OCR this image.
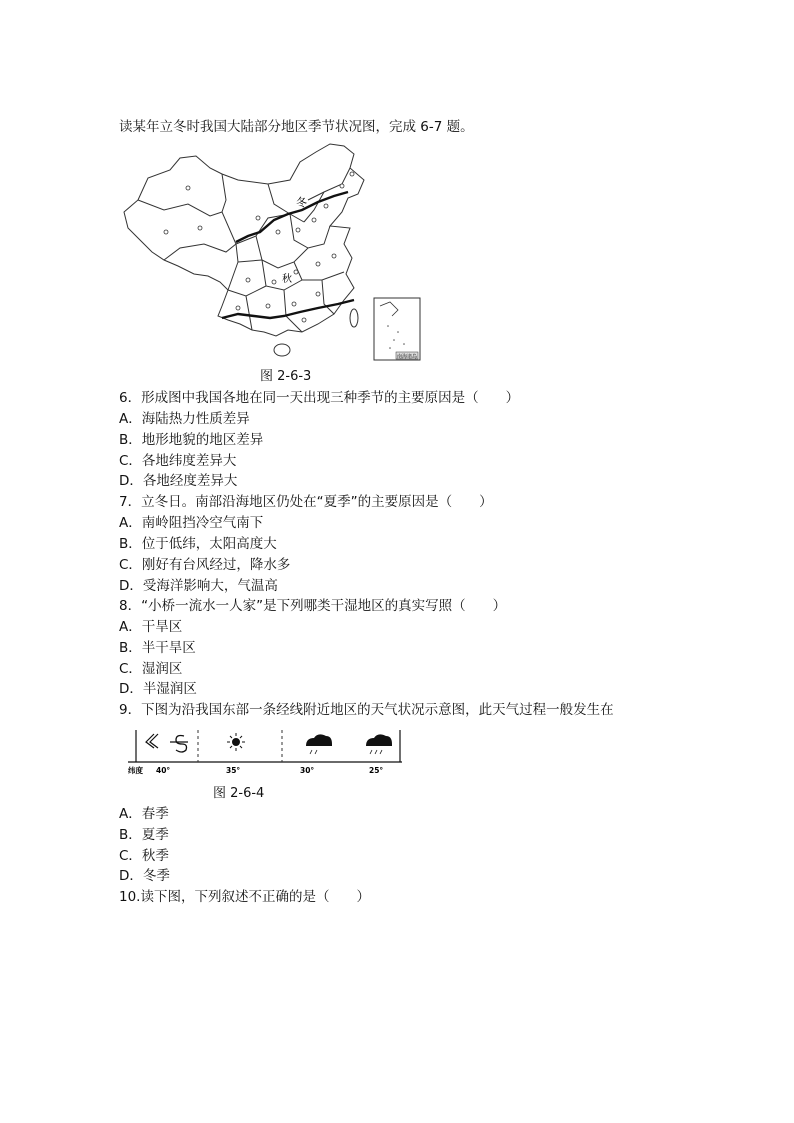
读某年立冬时我国大陆部分地区季节状况图，完成 6-7 题。
南海诸岛
冬
秋
图 2-6-3
6．形成图中我国各地在同一天出现三种季节的主要原因是（　　）
A．海陆热力性质差异
B．地形地貌的地区差异
C．各地纬度差异大
D．各地经度差异大
7．立冬日。南部沿海地区仍处在“夏季”的主要原因是（　　）
A．南岭阻挡冷空气南下
B．位于低纬，太阳高度大
C．刚好有台风经过，降水多
D．受海洋影响大，气温高
8．“小桥一流水一人家”是下列哪类干湿地区的真实写照（　　）
A．干旱区
B．半干旱区
C．湿润区
D．半湿润区
9．下图为沿我国东部一条经线附近地区的天气状况示意图，此天气过程一般发生在
纬度 40°	35°	30°	25°
图 2-6-4
A．春季
B．夏季
C．秋季
D．冬季
10.读下图，下列叙述不正确的是（　　）
